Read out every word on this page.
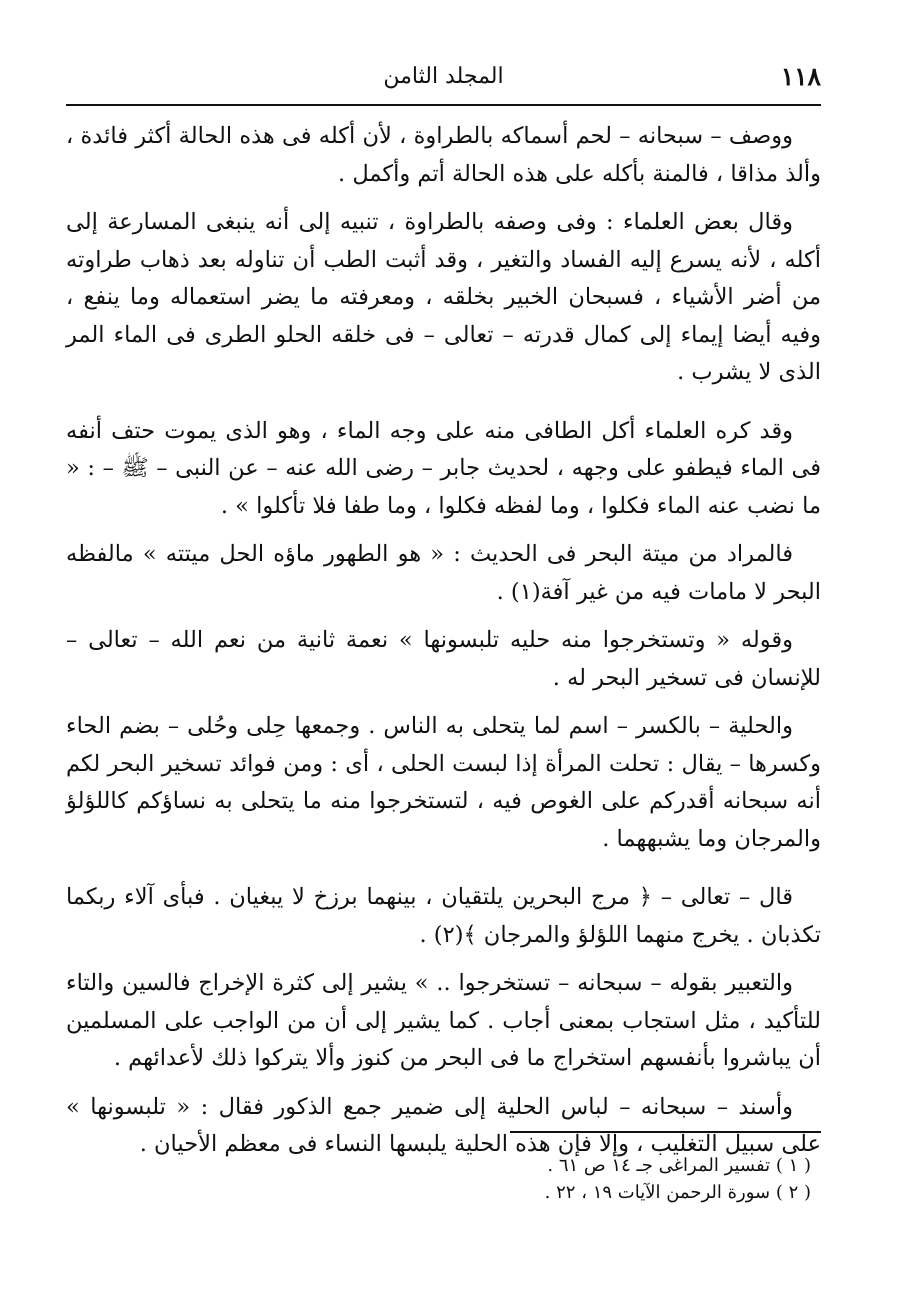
١١٨
المجلد الثامن

ووصف – سبحانه – لحم أسماكه بالطراوة ، لأن أكله فى هذه الحالة أكثر فائدة ، وألذ مذاقا ، فالمنة بأكله على هذه الحالة أتم وأكمل .

وقال بعض العلماء : وفى وصفه بالطراوة ، تنبيه إلى أنه ينبغى المسارعة إلى أكله ، لأنه يسرع إليه الفساد والتغير ، وقد أثبت الطب أن تناوله بعد ذهاب طراوته من أضر الأشياء ، فسبحان الخبير بخلقه ، ومعرفته ما يضر استعماله وما ينفع ، وفيه أيضا إيماء إلى كمال قدرته – تعالى – فى خلقه الحلو الطرى فى الماء المر الذى لا يشرب .

وقد كره العلماء أكل الطافى منه على وجه الماء ، وهو الذى يموت حتف أنفه فى الماء فيطفو على وجهه ، لحديث جابر – رضى الله عنه – عن النبى – ﷺ – : « ما نضب عنه الماء فكلوا ، وما لفظه فكلوا ، وما طفا فلا تأكلوا » .

فالمراد من ميتة البحر فى الحديث : « هو الطهور ماؤه الحل ميتته » مالفظه البحر لا مامات فيه من غير آفة(١) .

وقوله « وتستخرجوا منه حليه تلبسونها » نعمة ثانية من نعم الله – تعالى – للإنسان فى تسخير البحر له .

والحلية – بالكسر – اسم لما يتحلى به الناس . وجمعها حِلى وحُلى – بضم الحاء وكسرها – يقال : تحلت المرأة إذا لبست الحلى ، أى : ومن فوائد تسخير البحر لكم أنه سبحانه أقدركم على الغوص فيه ، لتستخرجوا منه ما يتحلى به نساؤكم كاللؤلؤ والمرجان وما يشبههما .

قال – تعالى – ﴿ مرج البحرين يلتقيان ، بينهما برزخ لا يبغيان . فبأى آلاء ربكما تكذبان . يخرج منهما اللؤلؤ والمرجان ﴾(٢) .

والتعبير بقوله – سبحانه – تستخرجوا .. » يشير إلى كثرة الإخراج فالسين والتاء للتأكيد ، مثل استجاب بمعنى أجاب . كما يشير إلى أن من الواجب على المسلمين أن يباشروا بأنفسهم استخراج ما فى البحر من كنوز وألا يتركوا ذلك لأعدائهم .

وأسند – سبحانه – لباس الحلية إلى ضمير جمع الذكور فقال : « تلبسونها » على سبيل التغليب ، وإلا فإن هذه الحلية يلبسها النساء فى معظم الأحيان .

( ١ ) تفسير المراغى جـ ١٤ ص ٦١ .
( ٢ ) سورة الرحمن الآيات ١٩ ، ٢٢ .
